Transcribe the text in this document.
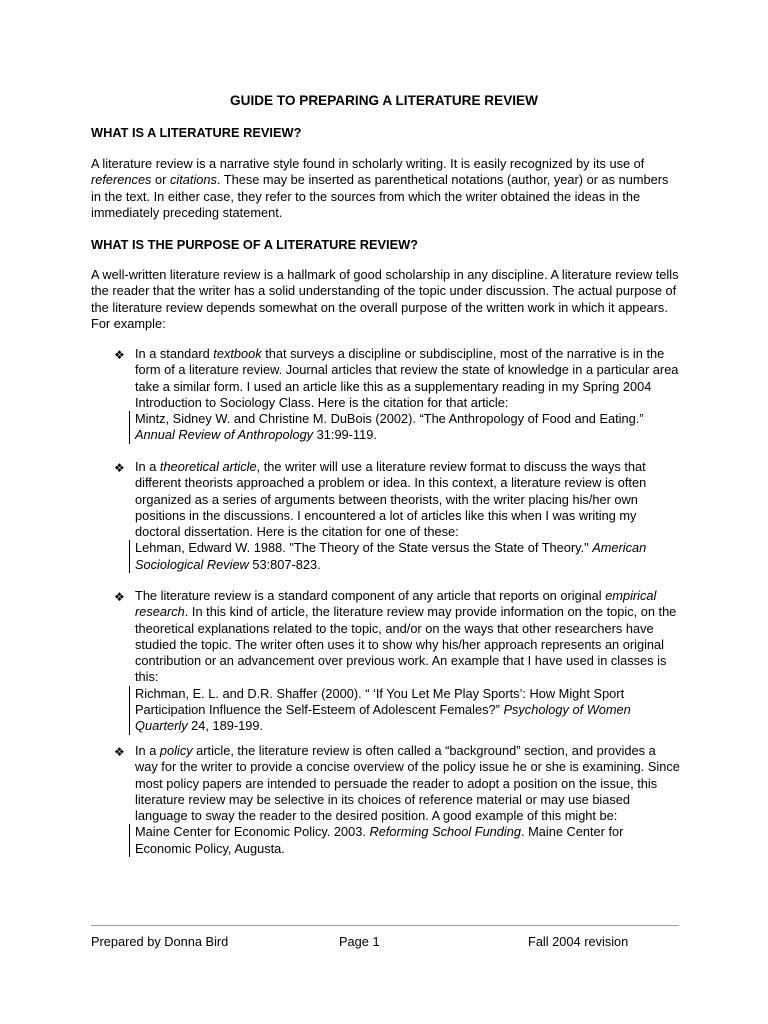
GUIDE TO PREPARING A LITERATURE REVIEW
WHAT IS A LITERATURE REVIEW?
A literature review is a narrative style found in scholarly writing. It is easily recognized by its use of references or citations. These may be inserted as parenthetical notations (author, year) or as numbers in the text. In either case, they refer to the sources from which the writer obtained the ideas in the immediately preceding statement.
WHAT IS THE PURPOSE OF A LITERATURE REVIEW?
A well-written literature review is a hallmark of good scholarship in any discipline. A literature review tells the reader that the writer has a solid understanding of the topic under discussion. The actual purpose of the literature review depends somewhat on the overall purpose of the written work in which it appears. For example:
❖ In a standard textbook that surveys a discipline or subdiscipline, most of the narrative is in the form of a literature review. Journal articles that review the state of knowledge in a particular area take a similar form. I used an article like this as a supplementary reading in my Spring 2004 Introduction to Sociology Class. Here is the citation for that article:
Mintz, Sidney W. and Christine M. DuBois (2002). “The Anthropology of Food and Eating.” Annual Review of Anthropology 31:99-119.
❖ In a theoretical article, the writer will use a literature review format to discuss the ways that different theorists approached a problem or idea. In this context, a literature review is often organized as a series of arguments between theorists, with the writer placing his/her own positions in the discussions. I encountered a lot of articles like this when I was writing my doctoral dissertation. Here is the citation for one of these:
Lehman, Edward W. 1988. "The Theory of the State versus the State of Theory." American Sociological Review 53:807-823.
❖ The literature review is a standard component of any article that reports on original empirical research. In this kind of article, the literature review may provide information on the topic, on the theoretical explanations related to the topic, and/or on the ways that other researchers have studied the topic. The writer often uses it to show why his/her approach represents an original contribution or an advancement over previous work. An example that I have used in classes is this:
Richman, E. L. and D.R. Shaffer (2000). “ ‘If You Let Me Play Sports’: How Might Sport Participation Influence the Self-Esteem of Adolescent Females?” Psychology of Women Quarterly 24, 189-199.
❖ In a policy article, the literature review is often called a “background” section, and provides a way for the writer to provide a concise overview of the policy issue he or she is examining. Since most policy papers are intended to persuade the reader to adopt a position on the issue, this literature review may be selective in its choices of reference material or may use biased language to sway the reader to the desired position. A good example of this might be:
Maine Center for Economic Policy. 2003. Reforming School Funding. Maine Center for Economic Policy, Augusta.
Prepared by Donna Bird	Page 1	Fall 2004 revision
